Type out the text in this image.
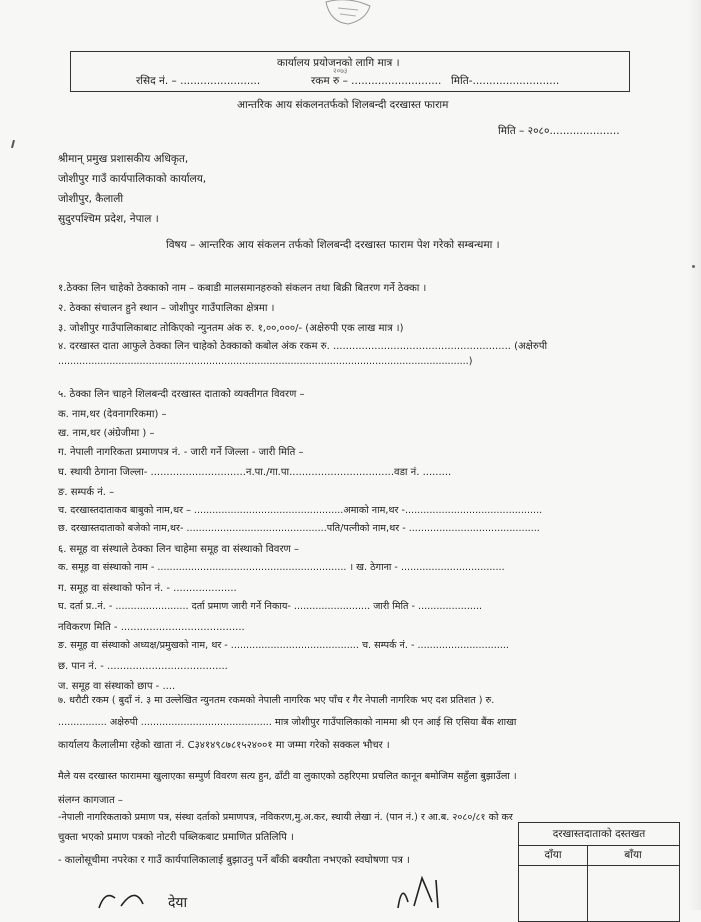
कार्यालय प्रयोजनको लागि मात्र ।
२०७३
रसिद नं. – ........................	रकम रु – ........................... मिति-..........................
आन्तरिक आय संकलनतर्फको शिलबन्दी दरखास्त फाराम
मिति – २०८०.....................
श्रीमान् प्रमुख प्रशासकीय अधिकृत,
जोशीपुर गाउँ कार्यपालिकाको कार्यालय,
जोशीपुर, कैलाली
सुदुरपश्चिम प्रदेश, नेपाल ।
विषय – आन्तरिक आय संकलन तर्फको शिलबन्दी दरखास्त फाराम पेश गरेको सम्बन्धमा ।
१.ठेक्का लिन चाहेको ठेक्काको नाम – कबाडी मालसमानहरुको संकलन तथा बिक्री बितरण गर्ने ठेक्का ।
२. ठेक्का संचालन हुने स्थान – जोशीपुर गाउँपालिका क्षेत्रमा ।
३. जोशीपुर गाउँपालिकाबाट तोकिएको न्युनतम अंक रु. १,००,०००/- (अक्षेरुपी एक लाख मात्र ।)
४. दरखास्त दाता आफुले ठेक्का लिन चाहेको ठेक्काको कबोल अंक रकम रु. ........................................................ (अक्षेरुपी
........................................................................................................................................)
५. ठेक्का लिन चाहने शिलबन्दी दरखास्त दाताको व्यक्तीगत विवरण –
क. नाम,थर (देवनागरिकमा) –
ख. नाम,थर (अंग्रेजीमा ) –
ग. नेपाली नागरिकता प्रमाणपत्र नं. - जारी गर्ने जिल्ला - जारी मिति –
घ. स्थायी ठेगाना जिल्ला- ..............................न.पा./गा.पा.................................वडा नं. .........
ङ. सम्पर्क नं. –
च. दरखास्तदाताकव बाबुको नाम,थर – .................................................अमाको नाम,थर -.............................................
छ. दरखास्तदाताको बजेको नाम,थर- ..............................................पति/पत्नीको नाम,थर - ...........................................
६. समूह वा संस्थाले ठेक्का लिन चाहेमा समूह वा संस्थाको विवरण –
क. समूह वा संस्थाको नाम - .............................................................. । ख. ठेगाना - ..................................
ग. समूह वा संस्थाको फोन नं. - ....................
घ. दर्ता प्र..नं. - ........................ दर्ता प्रमाण जारी गर्ने निकाय- ......................... जारी मिति - .....................
नविकरण मिति - .......................................
ङ. समूह वा संस्थाको अध्यक्ष/प्रमुखको नाम, थर - .......................................... च. सम्पर्क नं. - ..............................
छ. पान नं. - ......................................
ज. समूह वा संस्थाको छाप - ....
७. धरौटी रकम ( बुदाँ नं. ३ मा उल्लेखित न्युनतम रकमको नेपाली नागरिक भए पाँच र गैर नेपाली नागरिक भए दश प्रतिशत ) रु.
................ अक्षेरुपी ........................................... मात्र जोशीपुर गाउँपालिकाको नाममा श्री एन आई सि एसिया बैंक शाखा
कार्यालय कैलालीमा रहेको खाता नं. C३४१४९८७८१५२४००१ मा जम्मा गरेको सक्कल भौचर ।
मैले यस दरखास्त फाराममा खुलाएका सम्पुर्ण विवरण सत्य हुन, ढाँटी वा लुकाएको ठहरिएमा प्रचलित कानून बमोजिम सहुँला बुझाउँला ।
संलग्न कागजात –
-नेपाली नागरिकताको प्रमाण पत्र, संस्था दर्ताको प्रमाणपत्र, नविकरण,मु.अ.कर, स्थायी लेखा नं. (पान नं.) र आ.ब. २०८०/८१ को कर
चुक्ता भएको प्रमाण पत्रको नोटरी पब्लिकबाट प्रमाणित प्रतिलिपि ।
- कालोसूचीमा नपरेका र गाउँ कार्यपालिकालाई बुझाउनु पर्ने बाँकी बक्यौता नभएको स्वघोषणा पत्र ।
दरखास्तदाताको दस्तखत
दाँया	बाँया
देया
